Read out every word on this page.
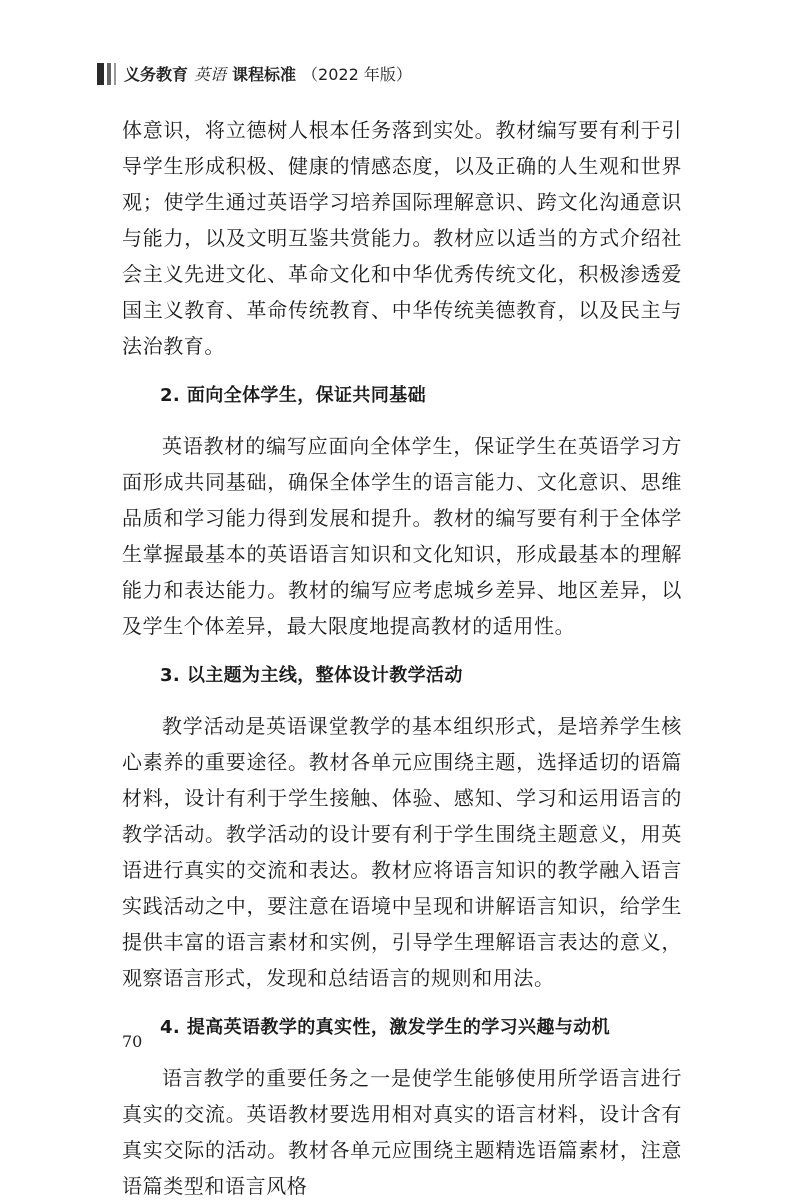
义务教育 英语 课程标准 （2022 年版）

体意识，将立德树人根本任务落到实处。教材编写要有利于引导学生形成积极、健康的情感态度，以及正确的人生观和世界观；使学生通过英语学习培养国际理解意识、跨文化沟通意识与能力，以及文明互鉴共赏能力。教材应以适当的方式介绍社会主义先进文化、革命文化和中华优秀传统文化，积极渗透爱国主义教育、革命传统教育、中华传统美德教育，以及民主与法治教育。

2. 面向全体学生，保证共同基础

英语教材的编写应面向全体学生，保证学生在英语学习方面形成共同基础，确保全体学生的语言能力、文化意识、思维品质和学习能力得到发展和提升。教材的编写要有利于全体学生掌握最基本的英语语言知识和文化知识，形成最基本的理解能力和表达能力。教材的编写应考虑城乡差异、地区差异，以及学生个体差异，最大限度地提高教材的适用性。

3. 以主题为主线，整体设计教学活动

教学活动是英语课堂教学的基本组织形式，是培养学生核心素养的重要途径。教材各单元应围绕主题，选择适切的语篇材料，设计有利于学生接触、体验、感知、学习和运用语言的教学活动。教学活动的设计要有利于学生围绕主题意义，用英语进行真实的交流和表达。教材应将语言知识的教学融入语言实践活动之中，要注意在语境中呈现和讲解语言知识，给学生提供丰富的语言素材和实例，引导学生理解语言表达的意义，观察语言形式，发现和总结语言的规则和用法。

4. 提高英语教学的真实性，激发学生的学习兴趣与动机

语言教学的重要任务之一是使学生能够使用所学语言进行真实的交流。英语教材要选用相对真实的语言材料，设计含有真实交际的活动。教材各单元应围绕主题精选语篇素材，注意语篇类型和语言风格

70
